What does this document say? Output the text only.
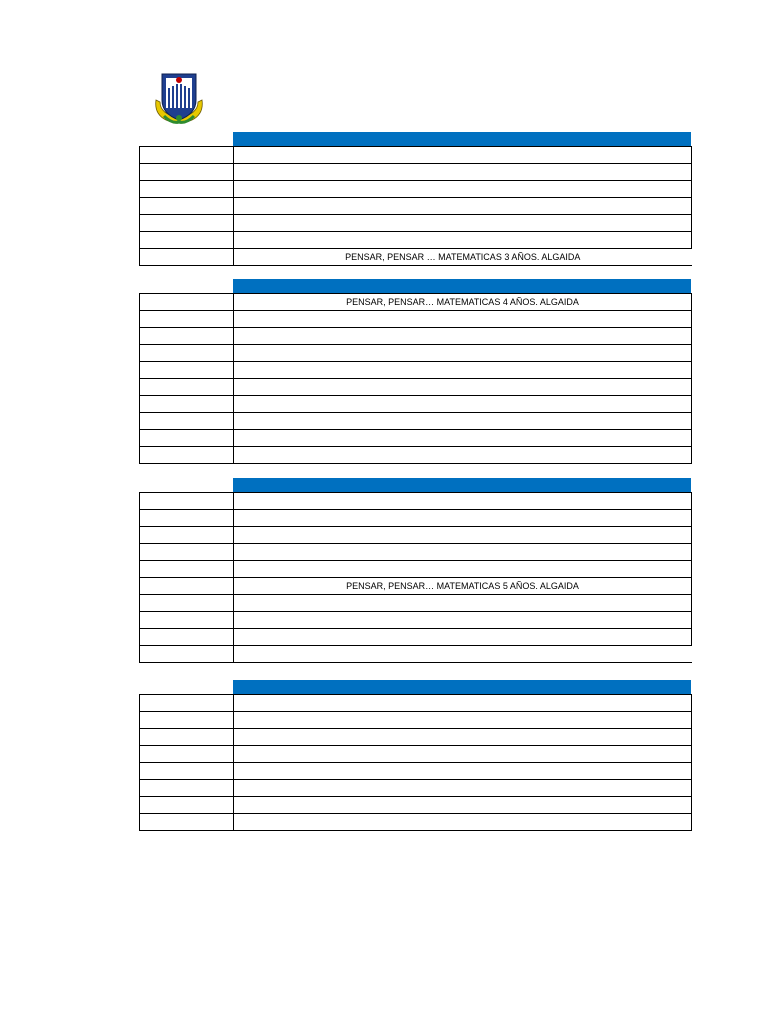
	PENSAR, PENSAR … MATEMATICAS 3 AÑOS. ALGAIDA
	PENSAR, PENSAR… MATEMATICAS 4 AÑOS. ALGAIDA

	PENSAR, PENSAR… MATEMATICAS 5 AÑOS. ALGAIDA
